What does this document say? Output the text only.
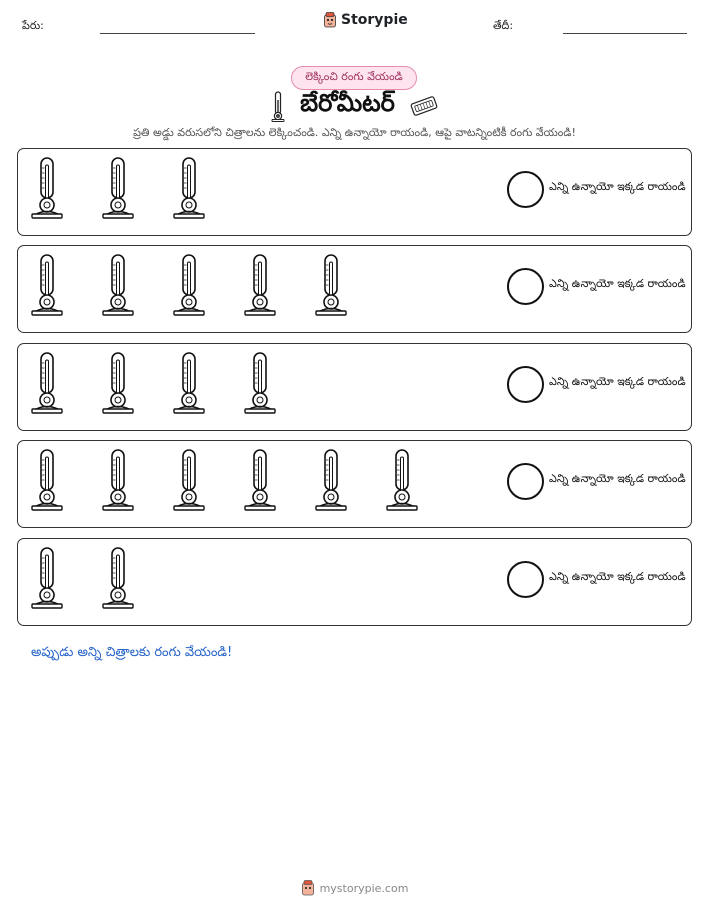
పేరు:	Storypie	తేదీ:
లెక్కించి రంగు వేయండి
బేరోమీటర్
ప్రతి అడ్డు వరుసలోని చిత్రాలను లెక్కించండి. ఎన్ని ఉన్నాయో రాయండి, ఆపై వాటన్నింటికీ రంగు వేయండి!
ఎన్ని ఉన్నాయో ఇక్కడ రాయండి
ఎన్ని ఉన్నాయో ఇక్కడ రాయండి
ఎన్ని ఉన్నాయో ఇక్కడ రాయండి
ఎన్ని ఉన్నాయో ఇక్కడ రాయండి
ఎన్ని ఉన్నాయో ఇక్కడ రాయండి
అప్పుడు అన్ని చిత్రాలకు రంగు వేయండి!
mystorypie.com
